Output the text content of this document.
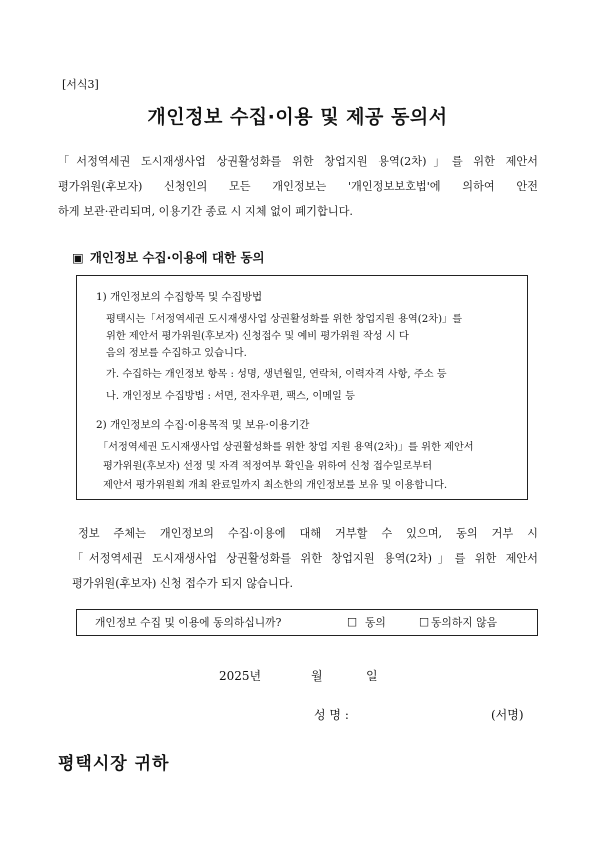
[서식3]
개인정보 수집·이용 및 제공 동의서
「서정역세권 도시재생사업 상권활성화를 위한 창업지원 용역(2차)」를 위한 제안서
평가위원(후보자) 신청인의 모든 개인정보는 '개인정보보호법'에 의하여 안전
하게 보관·관리되며, 이용기간 종료 시 지체 없이 폐기합니다.
▣ 개인정보 수집·이용에 대한 동의
1) 개인정보의 수집항목 및 수집방법
평택시는「서정역세권 도시재생사업 상권활성화를 위한 창업지원 용역(2차)」를
위한 제안서 평가위원(후보자) 신청접수 및 예비 평가위원 작성 시 다
음의 정보를 수집하고 있습니다.
가. 수집하는 개인정보 항목 : 성명, 생년월일, 연락처, 이력자격 사항, 주소 등
나. 개인정보 수집방법 : 서면, 전자우편, 팩스, 이메일 등
2) 개인정보의 수집·이용목적 및 보유·이용기간
「서정역세권 도시재생사업 상권활성화를 위한 창업 지원 용역(2차)」를 위한 제안서
평가위원(후보자) 선정 및 자격 적정여부 확인을 위하여 신청 접수일로부터
제안서 평가위원회 개최 완료일까지 최소한의 개인정보를 보유 및 이용합니다.
정보 주체는 개인정보의 수집·이용에 대해 거부할 수 있으며, 동의 거부 시
「서정역세권 도시재생사업 상권활성화를 위한 창업지원 용역(2차)」를 위한 제안서
평가위원(후보자) 신청 접수가 되지 않습니다.
개인정보 수집 및 이용에 동의하십니까?	□ 동의	□ 동의하지 않음
2025년	월	일
성 명 :	(서명)
평택시장 귀하
